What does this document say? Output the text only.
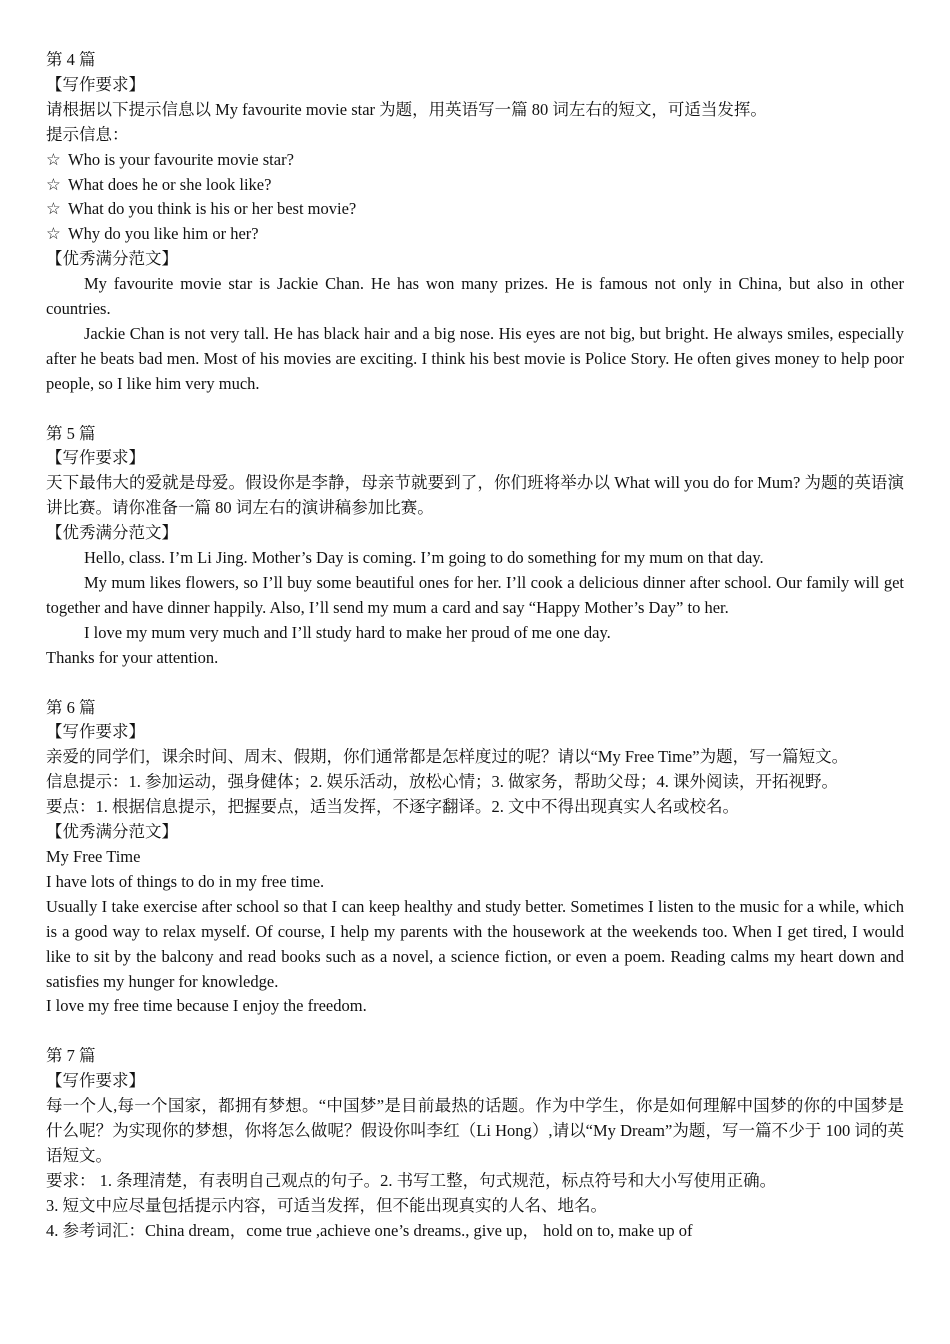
第 4 篇

【写作要求】

请根据以下提示信息以 My favourite movie star 为题，用英语写一篇 80 词左右的短文，可适当发挥。

提示信息：

☆ Who is your favourite movie star?

☆ What does he or she look like?

☆ What do you think is his or her best movie?

☆ Why do you like him or her?

【优秀满分范文】

My favourite movie star is Jackie Chan. He has won many prizes. He is famous not only in China, but also in other countries.

Jackie Chan is not very tall. He has black hair and a big nose. His eyes are not big, but bright. He always smiles, especially after he beats bad men. Most of his movies are exciting. I think his best movie is Police Story. He often gives money to help poor people, so I like him very much.

第 5 篇

【写作要求】

天下最伟大的爱就是母爱。假设你是李静，母亲节就要到了，你们班将举办以 What will you do for Mum? 为题的英语演讲比赛。请你准备一篇 80 词左右的演讲稿参加比赛。

【优秀满分范文】

Hello, class. I’m Li Jing. Mother’s Day is coming. I’m going to do something for my mum on that day.

My mum likes flowers, so I’ll buy some beautiful ones for her. I’ll cook a delicious dinner after school. Our family will get together and have dinner happily. Also, I’ll send my mum a card and say “Happy Mother’s Day” to her.

I love my mum very much and I’ll study hard to make her proud of me one day.

Thanks for your attention.

第 6 篇

【写作要求】

亲爱的同学们，课余时间、周末、假期，你们通常都是怎样度过的呢？请以“My Free Time”为题，写一篇短文。

信息提示：1. 参加运动，强身健体；2. 娱乐活动，放松心情；3. 做家务，帮助父母；4. 课外阅读，开拓视野。

要点：1. 根据信息提示，把握要点，适当发挥，不逐字翻译。2. 文中不得出现真实人名或校名。

【优秀满分范文】

My Free Time

I have lots of things to do in my free time.

Usually I take exercise after school so that I can keep healthy and study better. Sometimes I listen to the music for a while, which is a good way to relax myself. Of course, I help my parents with the housework at the weekends too. When I get tired, I would like to sit by the balcony and read books such as a novel, a science fiction, or even a poem. Reading calms my heart down and satisfies my hunger for knowledge.

I love my free time because I enjoy the freedom.

第 7 篇

【写作要求】

每一个人,每一个国家，都拥有梦想。“中国梦”是目前最热的话题。作为中学生，你是如何理解中国梦的你的中国梦是什么呢？为实现你的梦想，你将怎么做呢？假设你叫李红（Li Hong）,请以“My Dream”为题，写一篇不少于 100 词的英语短文。

要求： 1. 条理清楚，有表明自己观点的句子。2. 书写工整，句式规范，标点符号和大小写使用正确。

3. 短文中应尽量包括提示内容，可适当发挥，但不能出现真实的人名、地名。

4. 参考词汇：China dream，come true ,achieve one’s dreams., give up， hold on to, make up of
